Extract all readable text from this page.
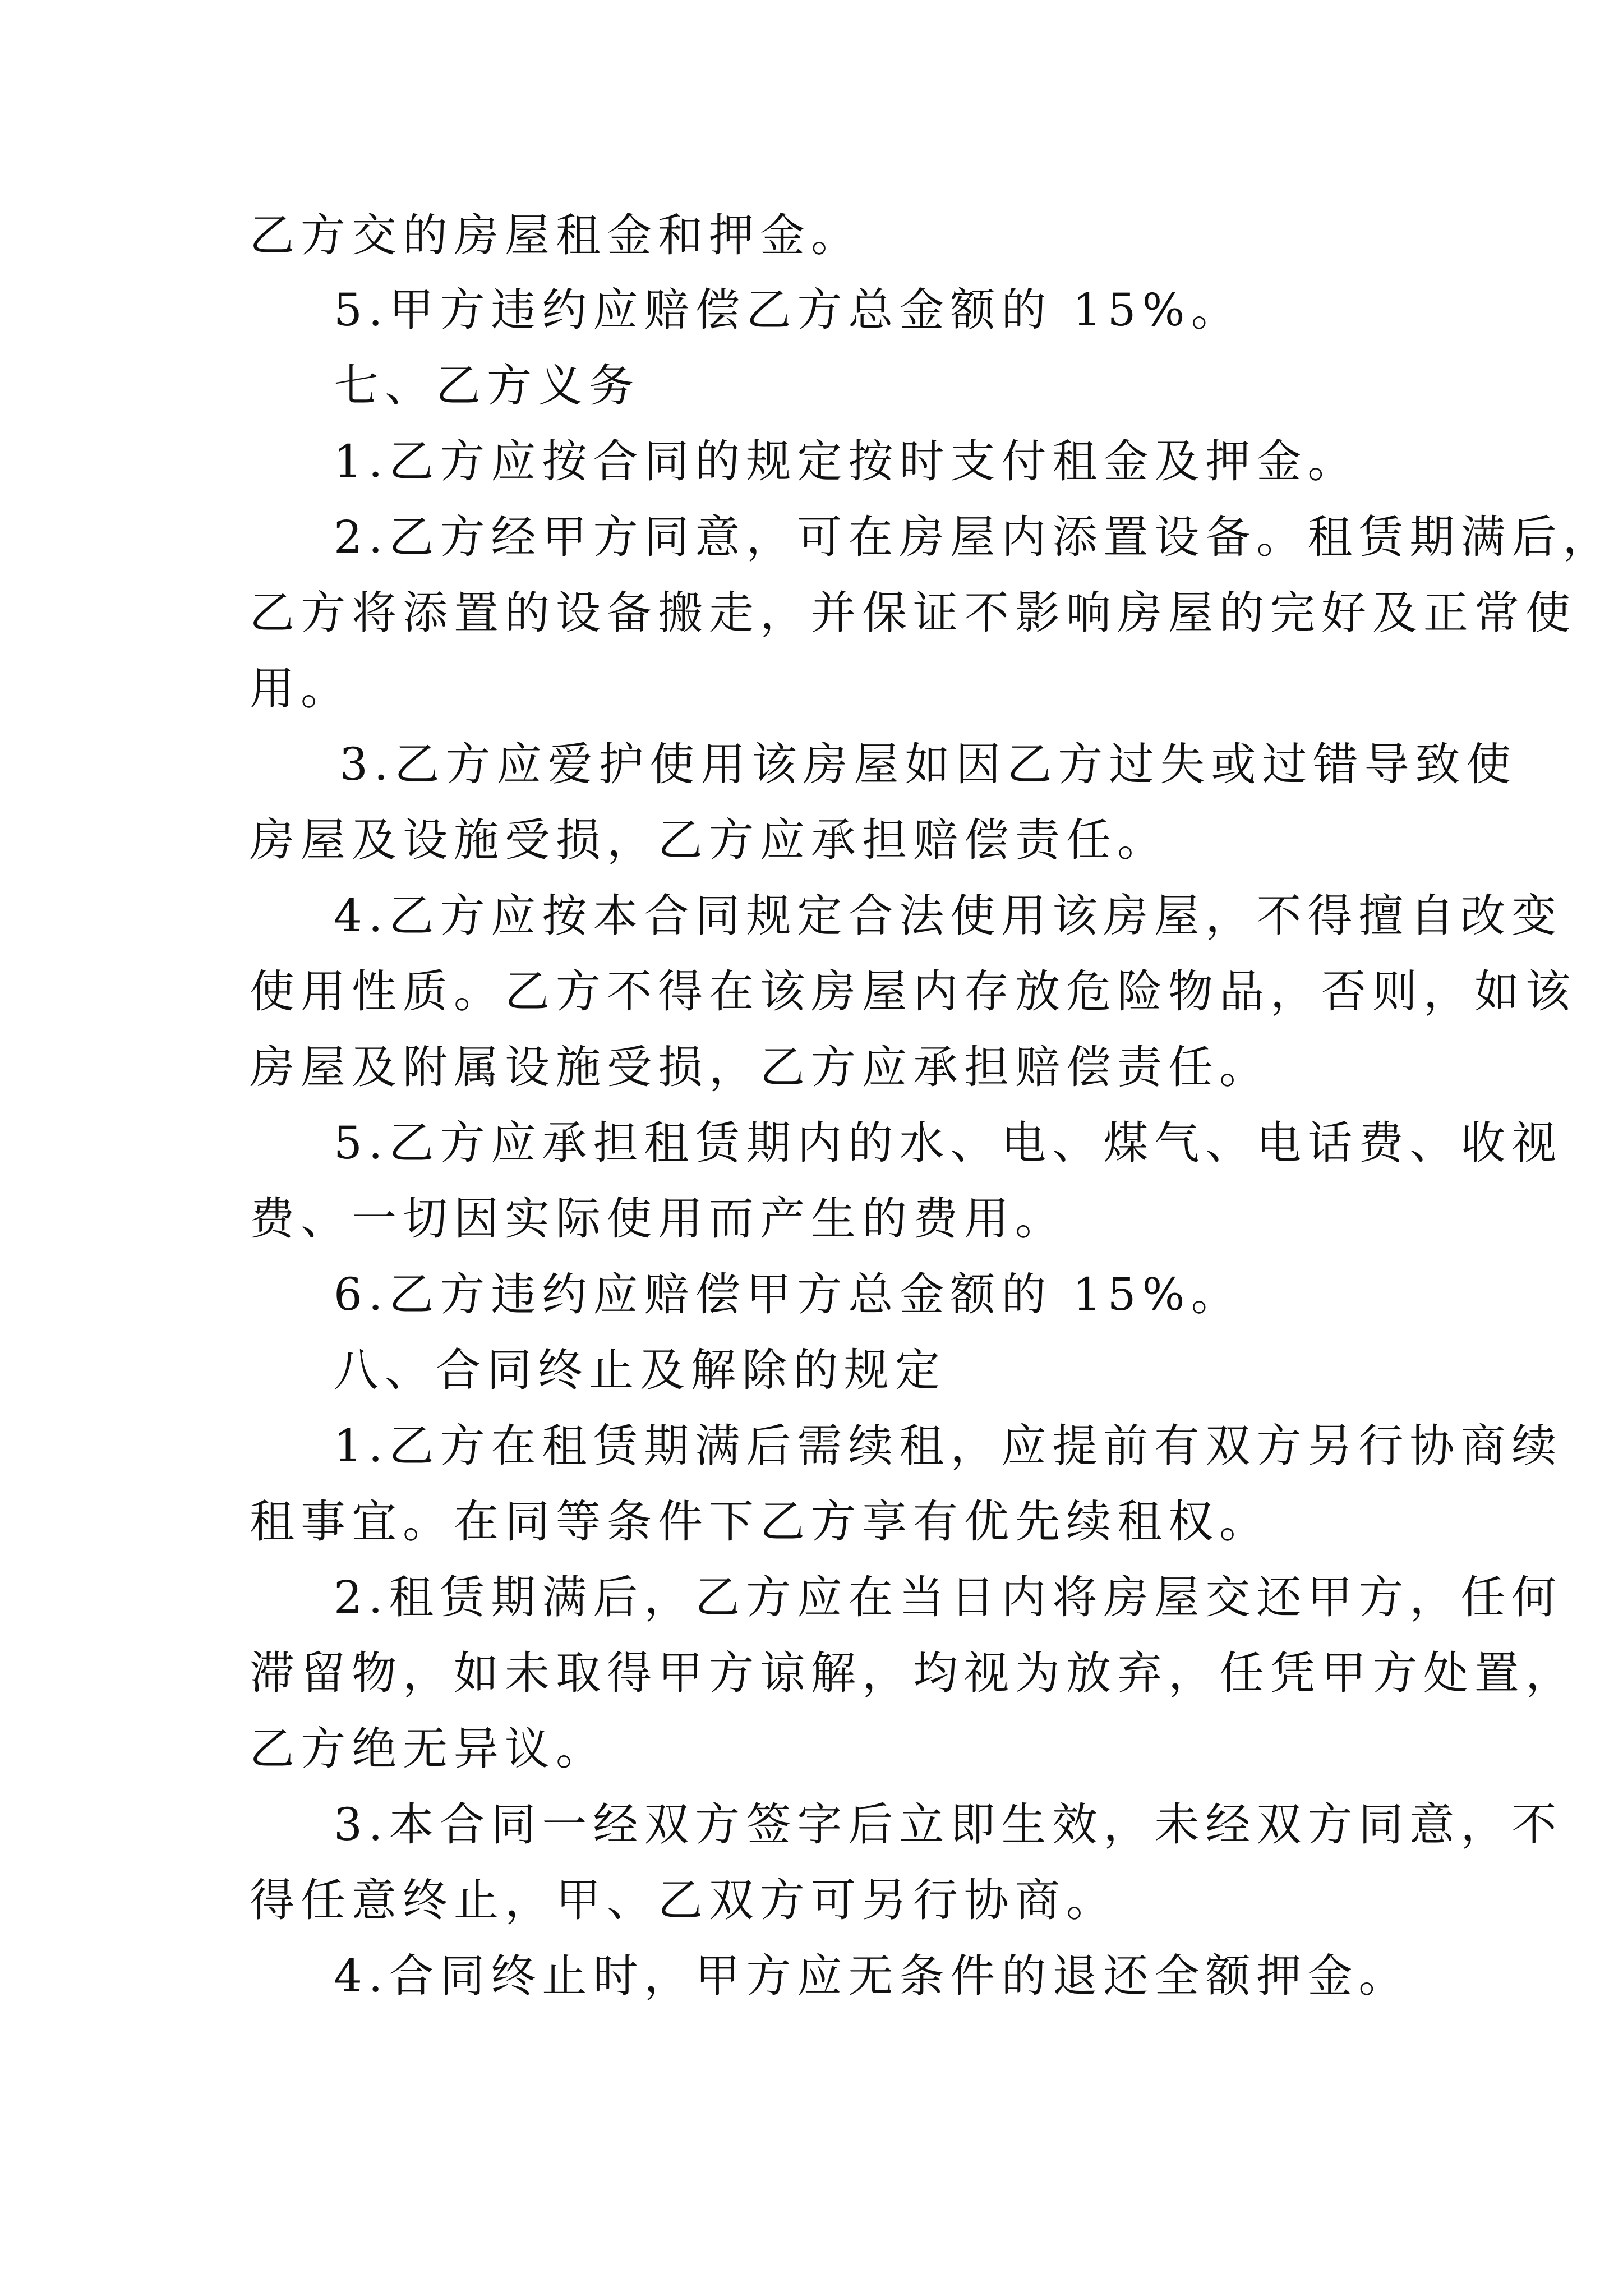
乙方交的房屋租金和押金。
5.甲方违约应赔偿乙方总金额的 15%。
七、乙方义务
1.乙方应按合同的规定按时支付租金及押金。
2.乙方经甲方同意，可在房屋内添置设备。租赁期满后，
乙方将添置的设备搬走，并保证不影响房屋的完好及正常使
用。
3.乙方应爱护使用该房屋如因乙方过失或过错导致使
房屋及设施受损，乙方应承担赔偿责任。
4.乙方应按本合同规定合法使用该房屋，不得擅自改变
使用性质。乙方不得在该房屋内存放危险物品，否则，如该
房屋及附属设施受损，乙方应承担赔偿责任。
5.乙方应承担租赁期内的水、电、煤气、电话费、收视
费、一切因实际使用而产生的费用。
6.乙方违约应赔偿甲方总金额的 15%。
八、合同终止及解除的规定
1.乙方在租赁期满后需续租，应提前有双方另行协商续
租事宜。在同等条件下乙方享有优先续租权。
2.租赁期满后，乙方应在当日内将房屋交还甲方，任何
滞留物，如未取得甲方谅解，均视为放弃，任凭甲方处置，
乙方绝无异议。
3.本合同一经双方签字后立即生效，未经双方同意，不
得任意终止，甲、乙双方可另行协商。
4.合同终止时，甲方应无条件的退还全额押金。
